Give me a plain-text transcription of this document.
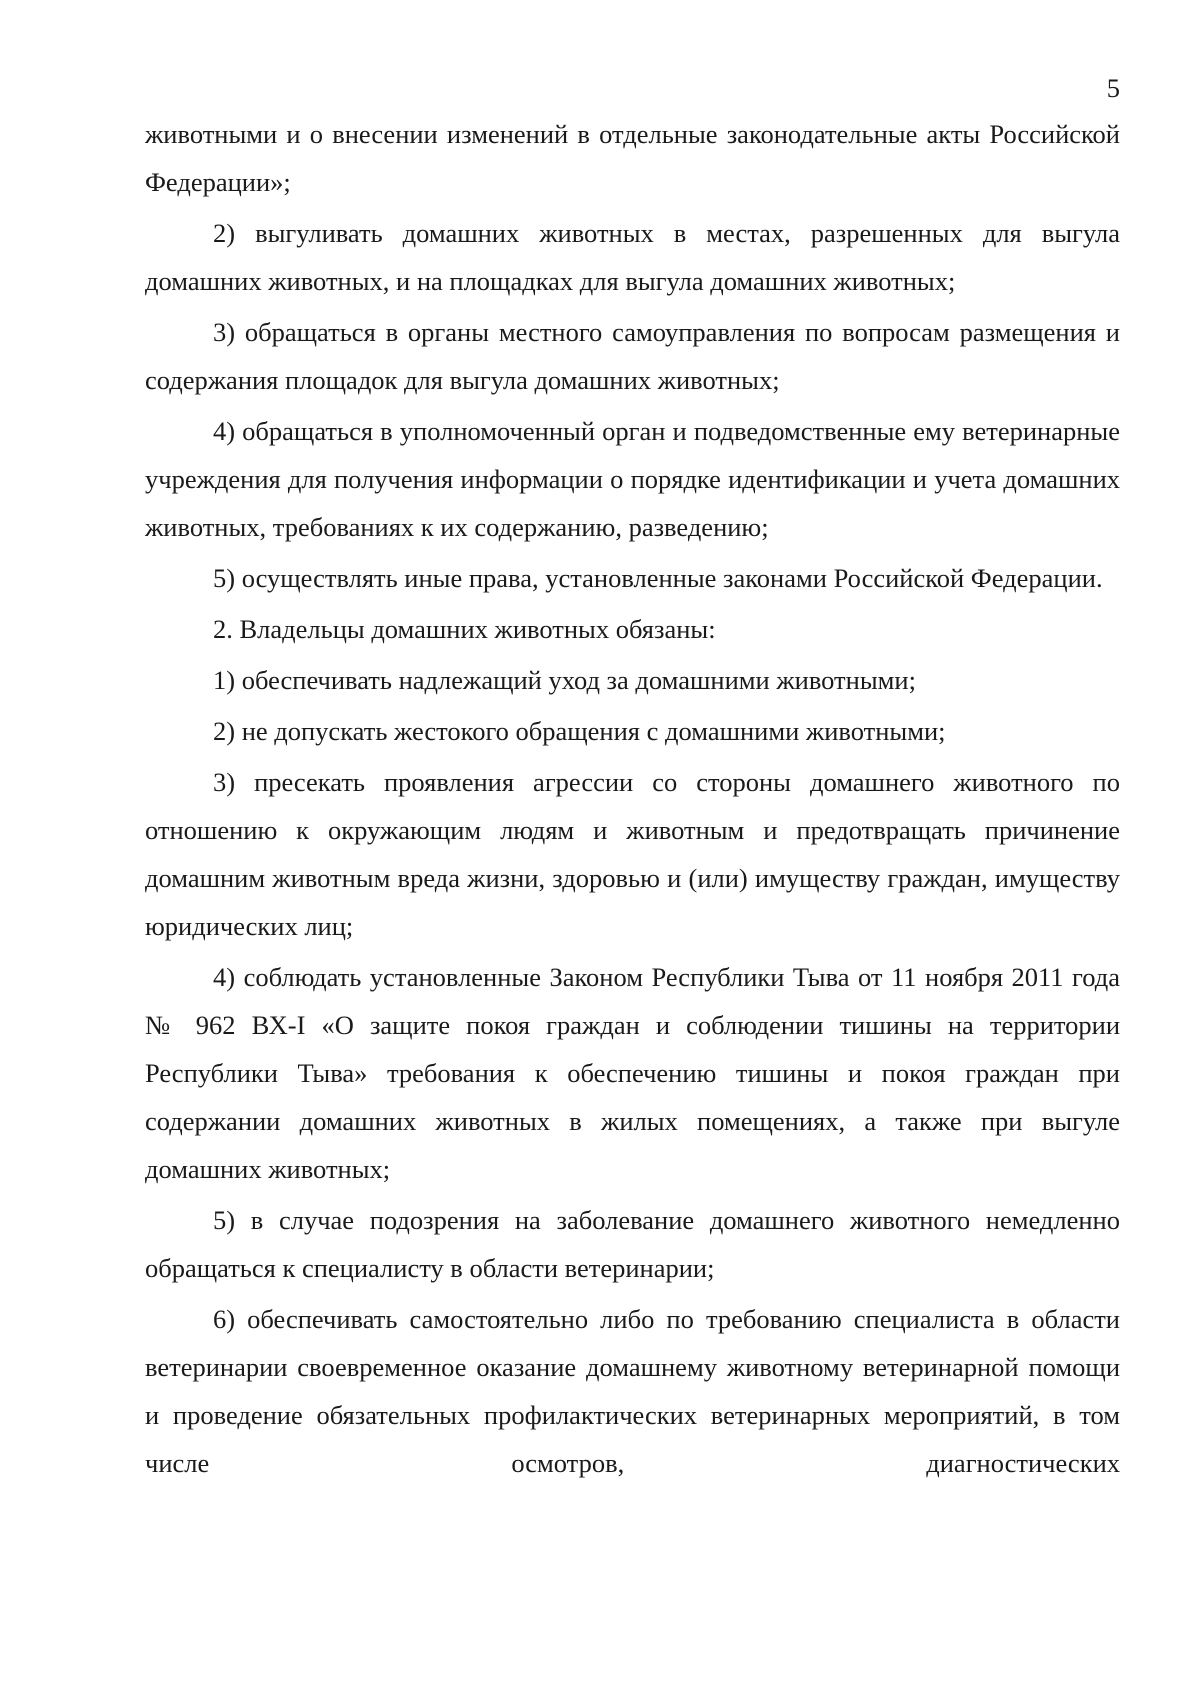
5

животными и о внесении изменений в отдельные законодательные акты Российской Федерации»;

2) выгуливать домашних животных в местах, разрешенных для выгула домашних животных, и на площадках для выгула домашних животных;

3) обращаться в органы местного самоуправления по вопросам размещения и содержания площадок для выгула домашних животных;

4) обращаться в уполномоченный орган и подведомственные ему ветеринарные учреждения для получения информации о порядке идентификации и учета домашних животных, требованиях к их содержанию, разведению;

5) осуществлять иные права, установленные законами Российской Федерации.

2. Владельцы домашних животных обязаны:

1) обеспечивать надлежащий уход за домашними животными;

2) не допускать жестокого обращения с домашними животными;

3) пресекать проявления агрессии со стороны домашнего животного по отношению к окружающим людям и животным и предотвращать причинение домашним животным вреда жизни, здоровью и (или) имуществу граждан, имуществу юридических лиц;

4) соблюдать установленные Законом Республики Тыва от 11 ноября 2011 года № 962 ВХ-I «О защите покоя граждан и соблюдении тишины на территории Республики Тыва» требования к обеспечению тишины и покоя граждан при содержании домашних животных в жилых помещениях, а также при выгуле домашних животных;

5) в случае подозрения на заболевание домашнего животного немедленно обращаться к специалисту в области ветеринарии;

6) обеспечивать самостоятельно либо по требованию специалиста в области ветеринарии своевременное оказание домашнему животному ветеринарной помощи и проведение обязательных профилактических ветеринарных мероприятий, в том числе осмотров, диагностических
